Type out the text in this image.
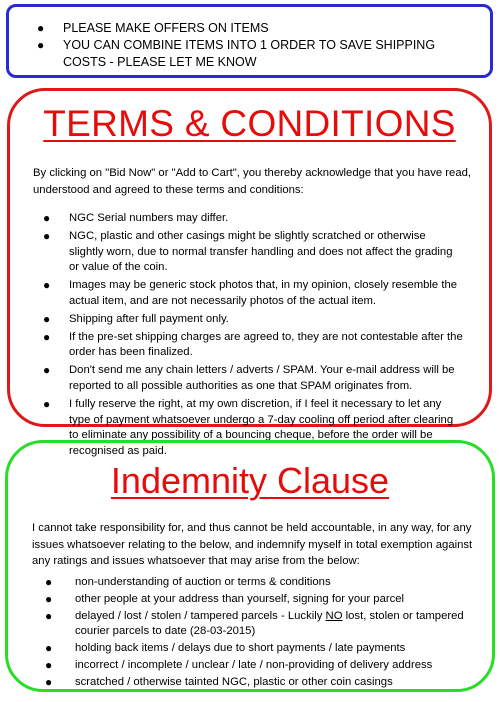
● PLEASE MAKE OFFERS ON ITEMS
● YOU CAN COMBINE ITEMS INTO 1 ORDER TO SAVE SHIPPING COSTS - PLEASE LET ME KNOW
TERMS & CONDITIONS
By clicking on "Bid Now" or "Add to Cart", you thereby acknowledge that you have read, understood and agreed to these terms and conditions:
● NGC Serial numbers may differ.
● NGC, plastic and other casings might be slightly scratched or otherwise slightly worn, due to normal transfer handling and does not affect the grading or value of the coin.
● Images may be generic stock photos that, in my opinion, closely resemble the actual item, and are not necessarily photos of the actual item.
● Shipping after full payment only.
● If the pre-set shipping charges are agreed to, they are not contestable after the order has been finalized.
● Don't send me any chain letters / adverts / SPAM. Your e-mail address will be reported to all possible authorities as one that SPAM originates from.
● I fully reserve the right, at my own discretion, if I feel it necessary to let any type of payment whatsoever undergo a 7-day cooling off period after clearing to eliminate any possibility of a bouncing cheque, before the order will be recognised as paid.
Indemnity Clause
I cannot take responsibility for, and thus cannot be held accountable, in any way, for any issues whatsoever relating to the below, and indemnify myself in total exemption against any ratings and issues whatsoever that may arise from the below:
● non-understanding of auction or terms & conditions
● other people at your address than yourself, signing for your parcel
● delayed / lost / stolen / tampered parcels - Luckily NO lost, stolen or tampered courier parcels to date (28-03-2015)
● holding back items / delays due to short payments / late payments
● incorrect / incomplete / unclear / late / non-providing of delivery address
● scratched / otherwise tainted NGC, plastic or other coin casings
